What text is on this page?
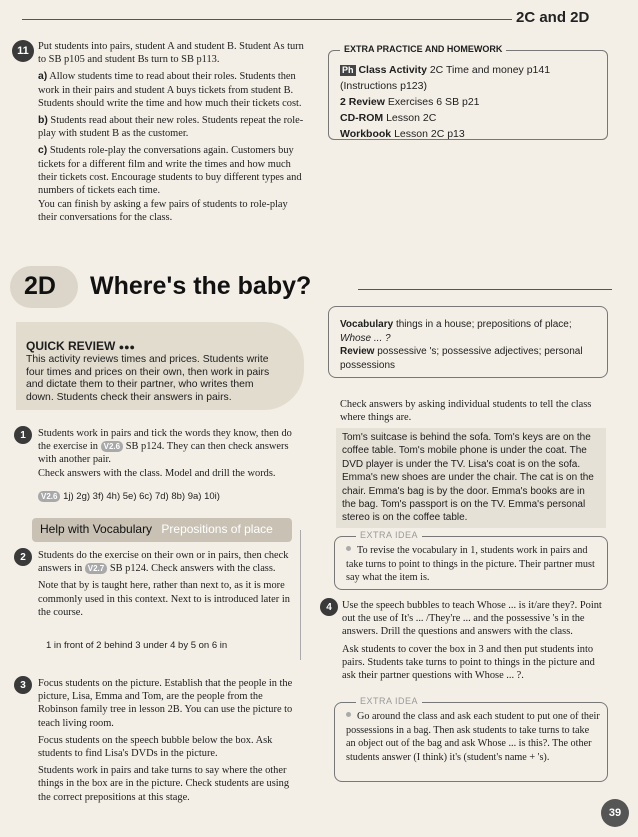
2C and 2D
11 Put students into pairs, student A and student B. Student As turn to SB p105 and student Bs turn to SB p113.

a) Allow students time to read about their roles. Students then work in their pairs and student A buys tickets from student B. Students should write the time and how much their tickets cost.

b) Students read about their new roles. Students repeat the role-play with student B as the customer.

c) Students role-play the conversations again. Customers buy tickets for a different film and write the times and how much their tickets cost. Encourage students to buy different types and numbers of tickets each time.

You can finish by asking a few pairs of students to role-play their conversations for the class.

EXTRA PRACTICE AND HOMEWORK
Ph Class Activity 2C Time and money p141
(Instructions p123)
2 Review Exercises 6 SB p21
CD-ROM Lesson 2C
Workbook Lesson 2C p13
2D Where's the baby?
Vocabulary things in a house; prepositions of place;
Whose ... ?
Review possessive 's; possessive adjectives; personal possessions
QUICK REVIEW ●●●
This activity reviews times and prices. Students write four times and prices on their own, then work in pairs and dictate them to their partner, who writes them down. Students check their answers in pairs.
1	Students work in pairs and tick the words they know, then do the exercise in V2.6 SB p124. They can then check answers with another pair.

Check answers with the class. Model and drill the words.

V2.6 1j) 2g) 3f) 4h) 5e) 6c) 7d) 8b) 9a) 10i)
Help with Vocabulary Prepositions of place
2	Students do the exercise on their own or in pairs, then check answers in V2.7 SB p124. Check answers with the class.

Note that by is taught here, rather than next to, as it is more commonly used in this context. Next to is introduced later in the course.

1 in front of 2 behind 3 under 4 by 5 on 6 in
3	Focus students on the picture. Establish that the people in the picture, Lisa, Emma and Tom, are the people from the Robinson family tree in lesson 2B. You can use the picture to teach living room.

Focus students on the speech bubble below the box. Ask students to find Lisa's DVDs in the picture.

Students work in pairs and take turns to say where the other things in the box are in the picture. Check students are using the correct prepositions at this stage.

Check answers by asking individual students to tell the class where things are.
Tom's suitcase is behind the sofa. Tom's keys are on the coffee table. Tom's mobile phone is under the coat. The DVD player is under the TV. Lisa's coat is on the sofa. Emma's new shoes are under the chair. The cat is on the chair. Emma's bag is by the door. Emma's books are in the bag. Tom's passport is on the TV. Emma's personal stereo is on the coffee table.
EXTRA IDEA
To revise the vocabulary in 1, students work in pairs and take turns to point to things in the picture. Their partner must say what the item is.
4 Use the speech bubbles to teach Whose ... is it/are they?. Point out the use of It's ... /They're ... and the possessive 's in the answers. Drill the questions and answers with the class.

Ask students to cover the box in 3 and then put students into pairs. Students take turns to point to things in the picture and ask their partner questions with Whose ... ?.

EXTRA IDEA
Go around the class and ask each student to put one of their possessions in a bag. Then ask students to take turns to take an object out of the bag and ask Whose ... is this?. The other students answer (I think) it's (student's name + 's).
39
